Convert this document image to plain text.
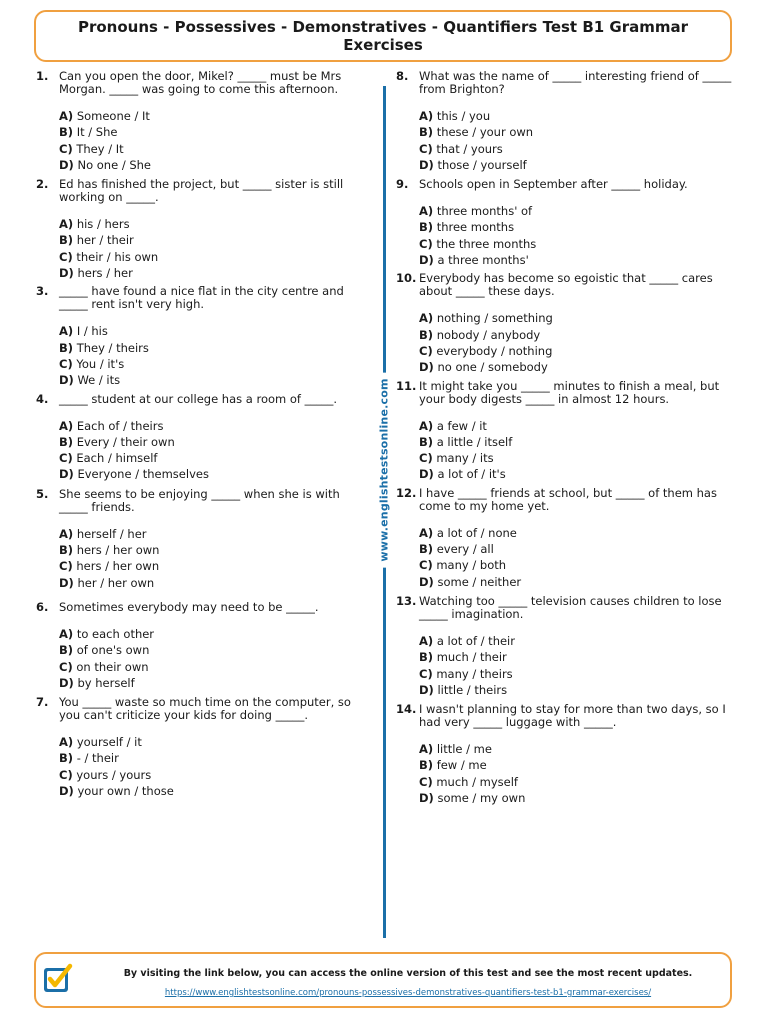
Pronouns - Possessives - Demonstratives - Quantifiers Test B1 Grammar Exercises
1. Can you open the door, Mikel? _____ must be Mrs Morgan. _____ was going to come this afternoon.

A) Someone / It
B) It / She
C) They / It
D) No one / She
2. Ed has finished the project, but _____ sister is still working on _____.

A) his / hers
B) her / their
C) their / his own
D) hers / her
3. _____ have found a nice flat in the city centre and _____ rent isn't very high.

A) I / his
B) They / theirs
C) You / it's
D) We / its
4. _____ student at our college has a room of _____.

A) Each of / theirs
B) Every / their own
C) Each / himself
D) Everyone / themselves
5. She seems to be enjoying _____ when she is with _____ friends.

A) herself / her
B) hers / her own
C) hers / her own
D) her / her own
6. Sometimes everybody may need to be _____.

A) to each other
B) of one's own
C) on their own
D) by herself
7. You _____ waste so much time on the computer, so you can't criticize your kids for doing _____.

A) yourself / it
B) - / their
C) yours / yours
D) your own / those
8. What was the name of _____ interesting friend of _____ from Brighton?

A) this / you
B) these / your own
C) that / yours
D) those / yourself
9. Schools open in September after _____ holiday.

A) three months' of
B) three months
C) the three months
D) a three months'
10. Everybody has become so egoistic that _____ cares about _____ these days.

A) nothing / something
B) nobody / anybody
C) everybody / nothing
D) no one / somebody
11. It might take you _____ minutes to finish a meal, but your body digests _____ in almost 12 hours.

A) a few / it
B) a little / itself
C) many / its
D) a lot of / it's
12. I have _____ friends at school, but _____ of them has come to my home yet.

A) a lot of / none
B) every / all
C) many / both
D) some / neither
13. Watching too _____ television causes children to lose _____ imagination.

A) a lot of / their
B) much / their
C) many / theirs
D) little / theirs
14. I wasn't planning to stay for more than two days, so I had very _____ luggage with _____.

A) little / me
B) few / me
C) much / myself
D) some / my own
www.englishtestsonline.com

By visiting the link below, you can access the online version of this test and see the most recent updates.

https://www.englishtestsonline.com/pronouns-possessives-demonstratives-quantifiers-test-b1-grammar-exercises/
